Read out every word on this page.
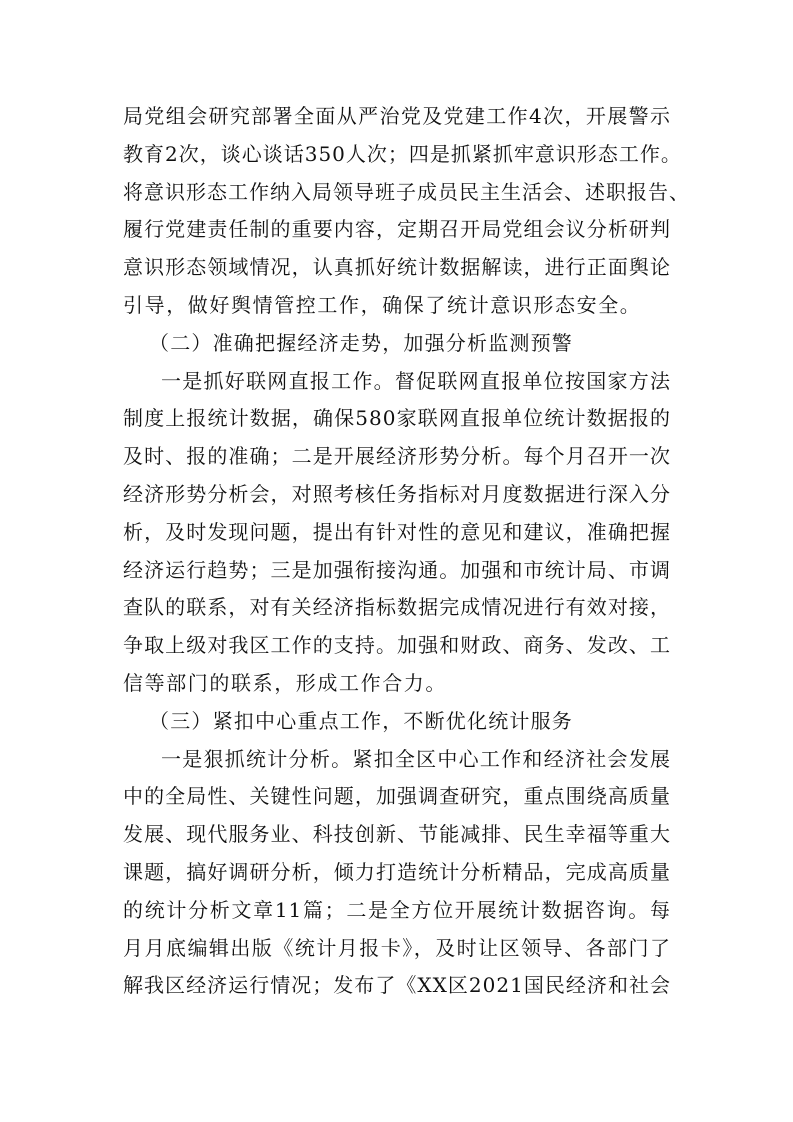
局党组会研究部署全面从严治党及党建工作4次，开展警示
教育2次，谈心谈话350人次；四是抓紧抓牢意识形态工作。
将意识形态工作纳入局领导班子成员民主生活会、述职报告、
履行党建责任制的重要内容，定期召开局党组会议分析研判
意识形态领域情况，认真抓好统计数据解读，进行正面舆论
引导，做好舆情管控工作，确保了统计意识形态安全。
（二）准确把握经济走势，加强分析监测预警
一是抓好联网直报工作。督促联网直报单位按国家方法
制度上报统计数据，确保580家联网直报单位统计数据报的
及时、报的准确；二是开展经济形势分析。每个月召开一次
经济形势分析会，对照考核任务指标对月度数据进行深入分
析，及时发现问题，提出有针对性的意见和建议，准确把握
经济运行趋势；三是加强衔接沟通。加强和市统计局、市调
查队的联系，对有关经济指标数据完成情况进行有效对接，
争取上级对我区工作的支持。加强和财政、商务、发改、工
信等部门的联系，形成工作合力。
（三）紧扣中心重点工作，不断优化统计服务
一是狠抓统计分析。紧扣全区中心工作和经济社会发展
中的全局性、关键性问题，加强调查研究，重点围绕高质量
发展、现代服务业、科技创新、节能减排、民生幸福等重大
课题，搞好调研分析，倾力打造统计分析精品，完成高质量
的统计分析文章11篇；二是全方位开展统计数据咨询。每
月月底编辑出版《统计月报卡》，及时让区领导、各部门了
解我区经济运行情况；发布了《XX区2021国民经济和社会
